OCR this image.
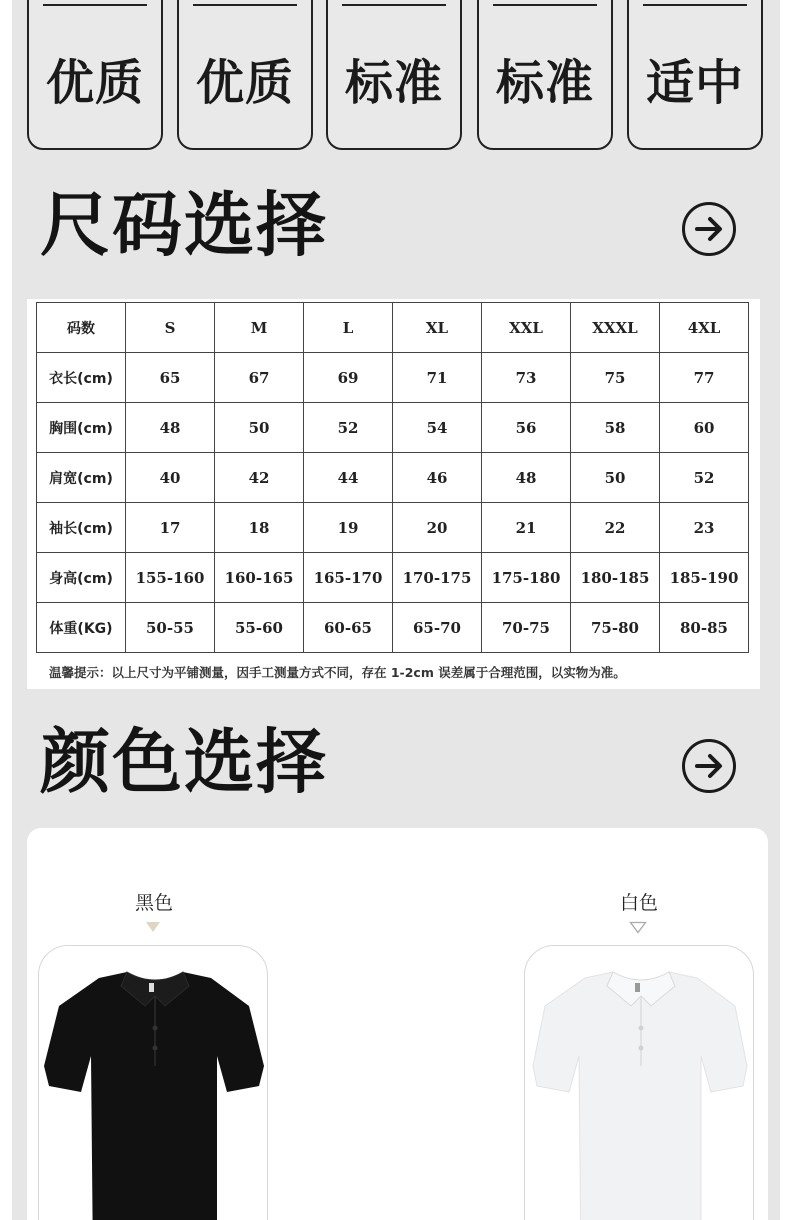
优质	优质	标准	标准	适中
尺码选择
码数	S	M	L	XL	XXL	XXXL	4XL
衣长(cm)	65	67	69	71	73	75	77
胸围(cm)	48	50	52	54	56	58	60
肩宽(cm)	40	42	44	46	48	50	52
袖长(cm)	17	18	19	20	21	22	23
身高(cm)	155-160	160-165	165-170	170-175	175-180	180-185	185-190
体重(KG)	50-55	55-60	60-65	65-70	70-75	75-80	80-85
温馨提示：以上尺寸为平铺测量，因手工测量方式不同，存在 1-2cm 误差属于合理范围，以实物为准。
颜色选择
黑色	白色
